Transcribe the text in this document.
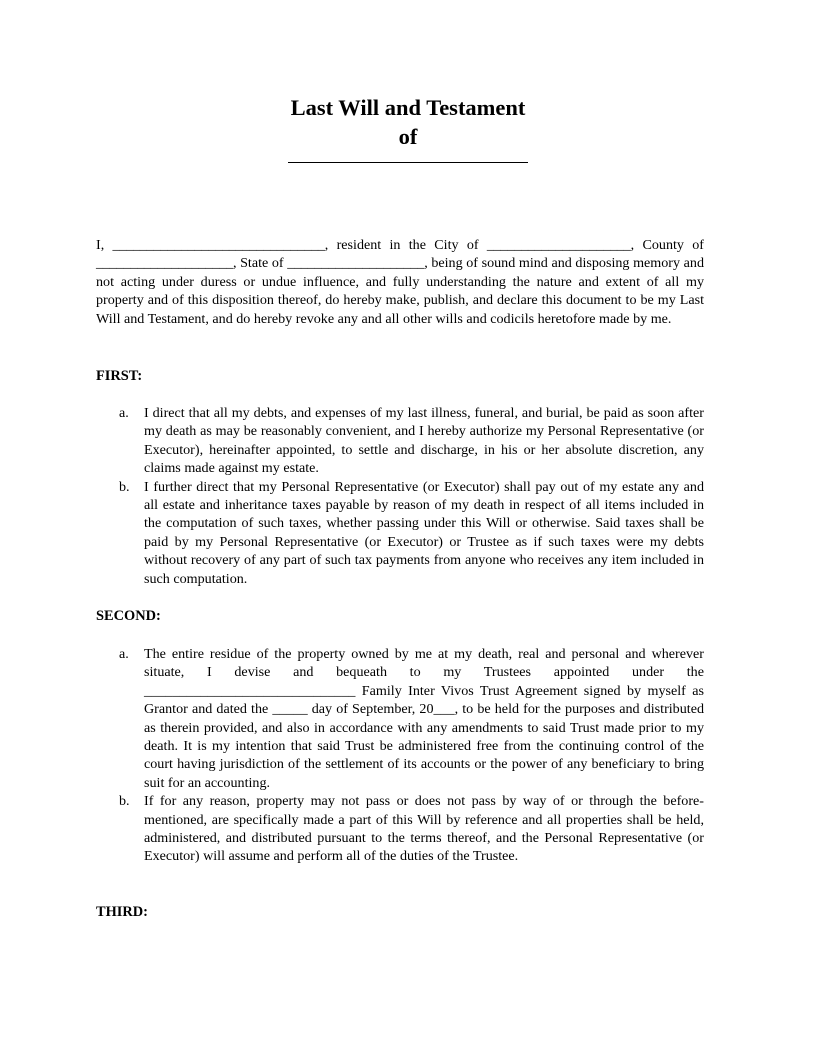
Last Will and Testament

of

I, _______________________________, resident in the City of _____________________, County of ____________________, State of ____________________, being of sound mind and disposing memory and not acting under duress or undue influence, and fully understanding the nature and extent of all my property and of this disposition thereof, do hereby make, publish, and declare this document to be my Last Will and Testament, and do hereby revoke any and all other wills and codicils heretofore made by me.

FIRST:

a. I direct that all my debts, and expenses of my last illness, funeral, and burial, be paid as soon after my death as may be reasonably convenient, and I hereby authorize my Personal Representative (or Executor), hereinafter appointed, to settle and discharge, in his or her absolute discretion, any claims made against my estate.
b. I further direct that my Personal Representative (or Executor) shall pay out of my estate any and all estate and inheritance taxes payable by reason of my death in respect of all items included in the computation of such taxes, whether passing under this Will or otherwise. Said taxes shall be paid by my Personal Representative (or Executor) or Trustee as if such taxes were my debts without recovery of any part of such tax payments from anyone who receives any item included in such computation.

SECOND:

a. The entire residue of the property owned by me at my death, real and personal and wherever situate, I devise and bequeath to my Trustees appointed under the ______________________________ Family Inter Vivos Trust Agreement signed by myself as Grantor and dated the _____ day of September, 20___, to be held for the purposes and distributed as therein provided, and also in accordance with any amendments to said Trust made prior to my death. It is my intention that said Trust be administered free from the continuing control of the court having jurisdiction of the settlement of its accounts or the power of any beneficiary to bring suit for an accounting.
b. If for any reason, property may not pass or does not pass by way of or through the before-mentioned, are specifically made a part of this Will by reference and all properties shall be held, administered, and distributed pursuant to the terms thereof, and the Personal Representative (or Executor) will assume and perform all of the duties of the Trustee.

THIRD:
